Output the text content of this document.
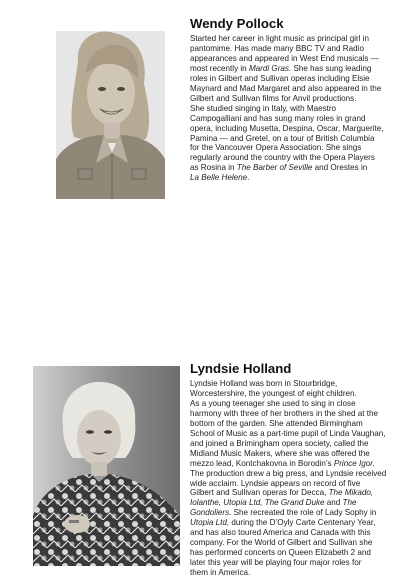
Wendy Pollock
Started her career in light music as principal girl in
pantomime. Has made many BBC TV and Radio
appearances and appeared in West End musicals —
most recently in Mardi Gras. She has sung leading
roles in Gilbert and Sullivan operas including Elsie
Maynard and Mad Margaret and also appeared in the
Gilbert and Sullivan films for Anvil productions.
She studied singing in Italy, with Maestro
Campogalliani and has sung many roles in grand
opera, including Musetta, Despina, Oscar, Marguerite,
Pamina — and Gretel, on a tour of British Columbia
for the Vancouver Opera Association. She sings
regularly around the country with the Opera Players
as Rosina in The Barber of Seville and Orestes in
La Belle Helene.
Lyndsie Holland
Lyndsie Holland was born in Stourbridge,
Worcestershire, the youngest of eight children.
As a young teenager she used to sing in close
harmony with three of her brothers in the shed at the
bottom of the garden. She attended Birmingham
School of Music as a part-time pupil of Linda Vaughan,
and joined a Brimingham opera society, called the
Midland Music Makers, where she was offered the
mezzo lead, Kontchakovna in Borodin’s Prince Igor.
The production drew a big press, and Lyndsie received
wide acclaim. Lyndsie appears on record of five
Gilbert and Sullivan operas for Decca, The Mikado,
Iolanthe, Utopia Ltd, The Grand Duke and The
Gondoliers. She recreated the role of Lady Sophy in
Utopia Ltd, during the D’Oyly Carte Centenary Year,
and has also toured America and Canada with this
company. For the World of Gilbert and Sullivan she
has performed concerts on Queen Elizabeth 2 and
later this year will be playing four major roles for
them in America.
